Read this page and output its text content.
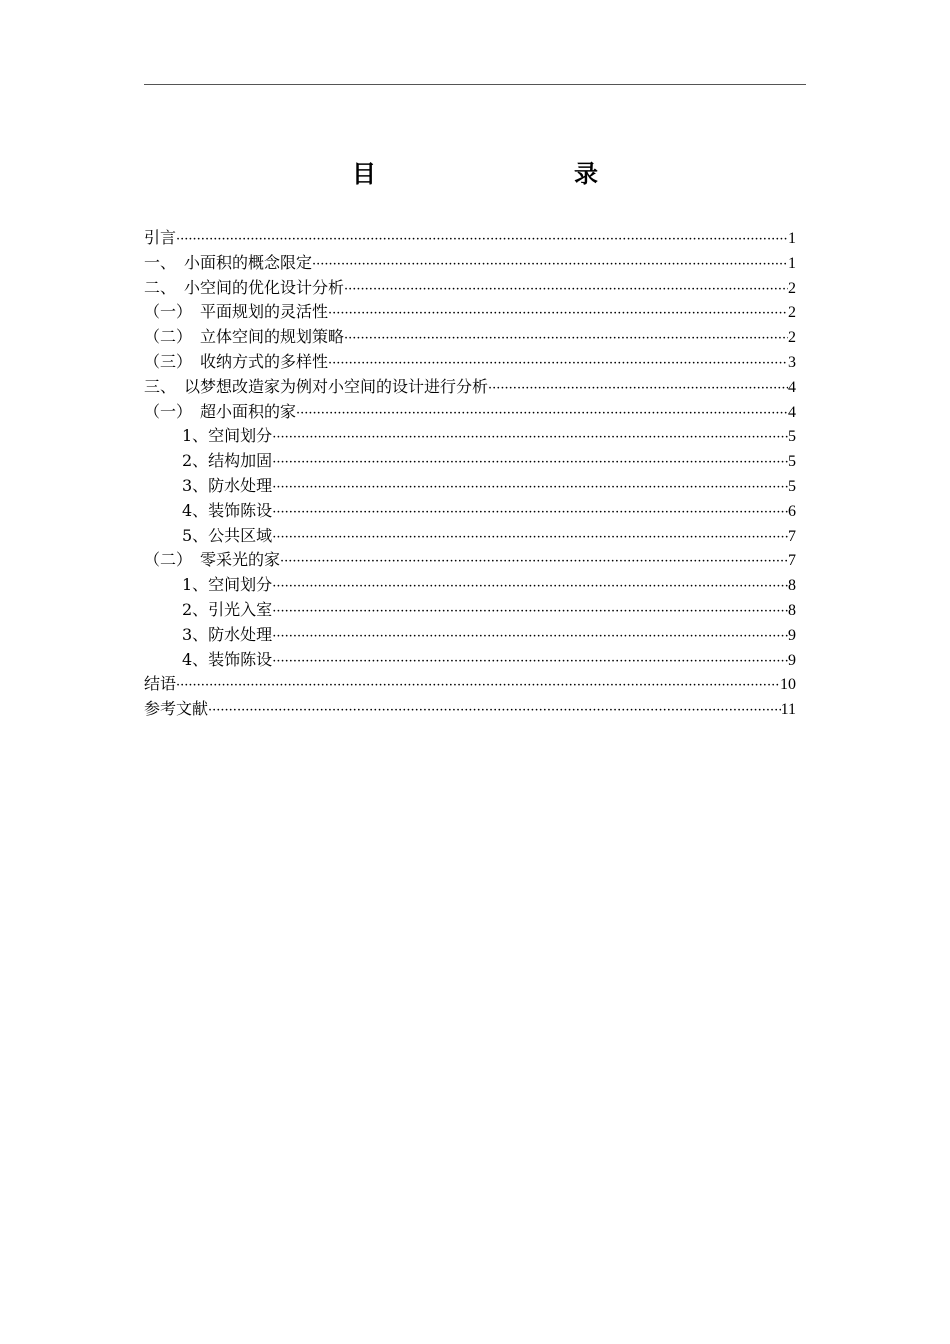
目　　录
引言 ·····	1
一、　小面积的概念限定 ·····	1
二、　小空间的优化设计分析 ·····	2
（一）　平面规划的灵活性 ·····	2
（二）　立体空间的规划策略 ·····	2
（三）　收纳方式的多样性 ·····	3
三、　以梦想改造家为例对小空间的设计进行分析 ·····	4
（一）　超小面积的家 ·····	4
1、空间划分 ·····	5
2、结构加固 ·····	5
3、防水处理 ·····	5
4、装饰陈设 ·····	6
5、公共区域 ·····	7
（二）　零采光的家 ·····	7
1、空间划分 ·····	8
2、引光入室 ·····	8
3、防水处理 ·····	9
4、装饰陈设 ·····	9
结语 ·····	10
参考文献 ·····	11
